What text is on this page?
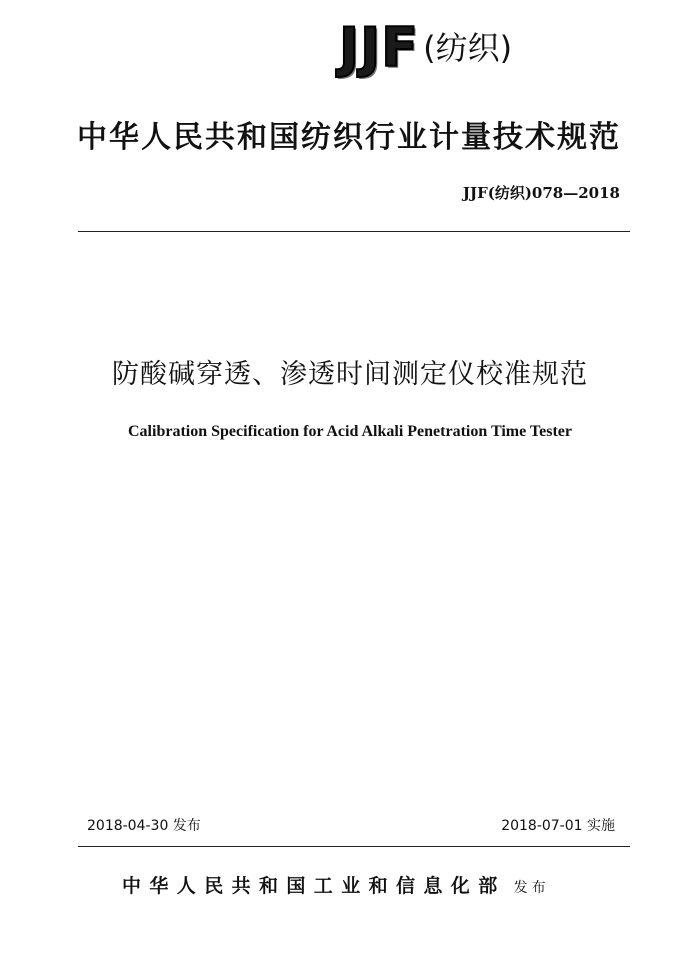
JJF (纺织)
中华人民共和国纺织行业计量技术规范
JJF(纺织)078—2018
防酸碱穿透、渗透时间测定仪校准规范
Calibration Specification for Acid Alkali Penetration Time Tester
2018-04-30 发布	2018-07-01 实施
中华人民共和国工业和信息化部 发布
